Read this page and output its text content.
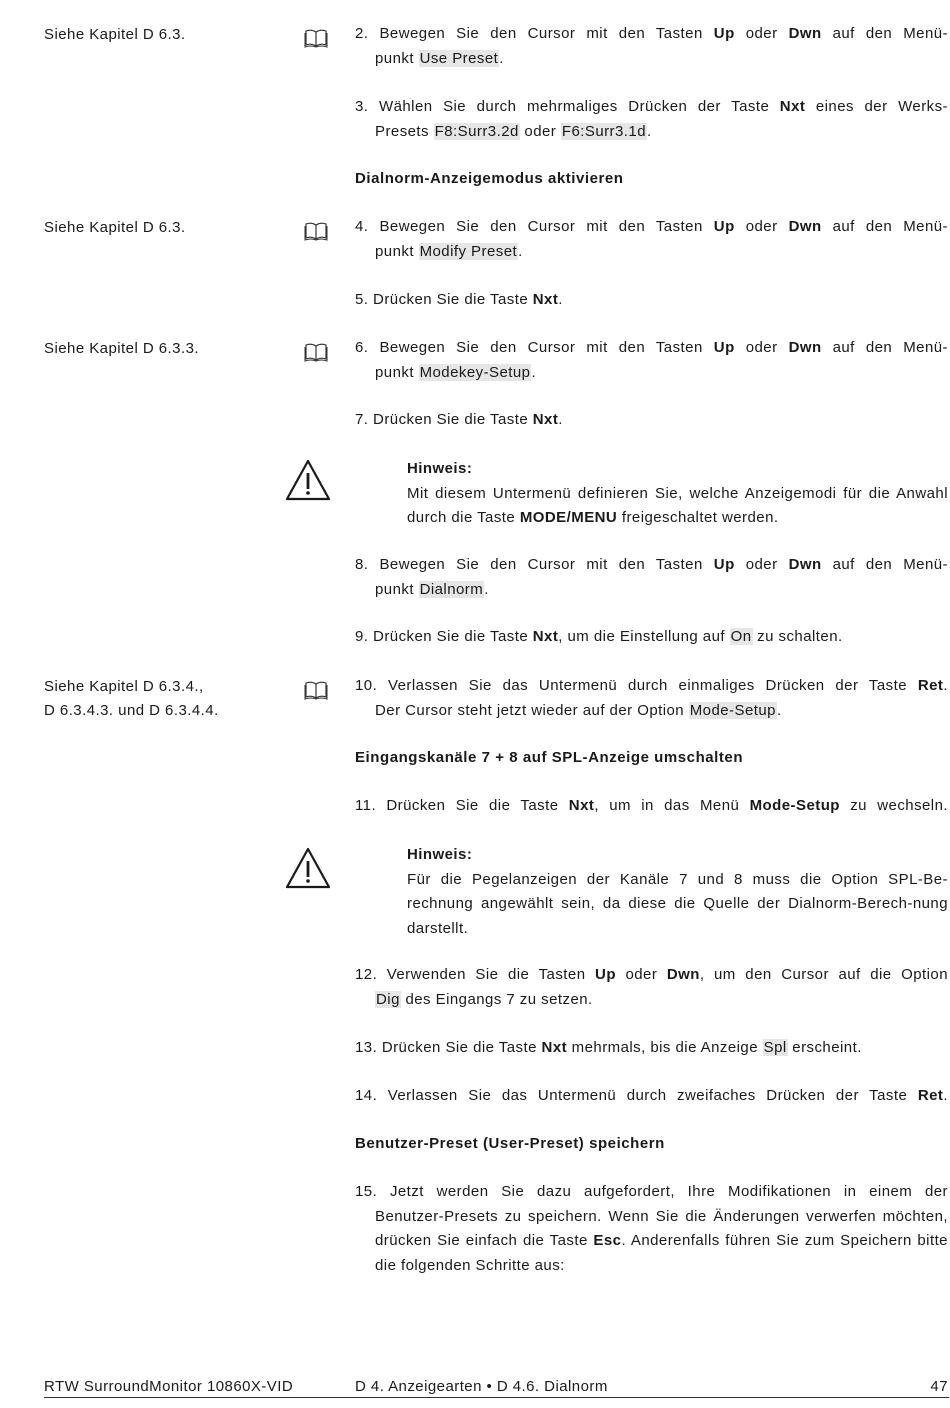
Siehe Kapitel D 6.3.
Siehe Kapitel D 6.3.
Siehe Kapitel D 6.3.3.
Siehe Kapitel D 6.3.4.,
D 6.3.4.3. und D 6.3.4.4.
2. Bewegen Sie den Cursor mit den Tasten Up oder Dwn auf den Menü-
punkt Use Preset.
3. Wählen Sie durch mehrmaliges Drücken der Taste Nxt eines der Werks-
Presets F8:Surr3.2d oder F6:Surr3.1d.
Dialnorm-Anzeigemodus aktivieren
4. Bewegen Sie den Cursor mit den Tasten Up oder Dwn auf den Menü-
punkt Modify Preset.
5. Drücken Sie die Taste Nxt.
6. Bewegen Sie den Cursor mit den Tasten Up oder Dwn auf den Menü-
punkt Modekey-Setup.
7. Drücken Sie die Taste Nxt.
Hinweis:
Mit diesem Untermenü definieren Sie, welche Anzeigemodi für die Anwahl durch die Taste MODE/MENU freigeschaltet werden.
8. Bewegen Sie den Cursor mit den Tasten Up oder Dwn auf den Menü-
punkt Dialnorm.
9. Drücken Sie die Taste Nxt, um die Einstellung auf On zu schalten.
10. Verlassen Sie das Untermenü durch einmaliges Drücken der Taste Ret.
Der Cursor steht jetzt wieder auf der Option Mode-Setup.
Eingangskanäle 7 + 8 auf SPL-Anzeige umschalten
11. Drücken Sie die Taste Nxt, um in das Menü Mode-Setup zu wechseln.
Hinweis:
Für die Pegelanzeigen der Kanäle 7 und 8 muss die Option SPL-Be-rechnung angewählt sein, da diese die Quelle der Dialnorm-Berech-nung darstellt.
12. Verwenden Sie die Tasten Up oder Dwn, um den Cursor auf die Option
Dig des Eingangs 7 zu setzen.
13. Drücken Sie die Taste Nxt mehrmals, bis die Anzeige Spl erscheint.
14. Verlassen Sie das Untermenü durch zweifaches Drücken der Taste Ret.
Benutzer-Preset (User-Preset) speichern
15. Jetzt werden Sie dazu aufgefordert, Ihre Modifikationen in einem der
Benutzer-Presets zu speichern. Wenn Sie die Änderungen verwerfen möchten, drücken Sie einfach die Taste Esc. Anderenfalls führen Sie zum Speichern bitte die folgenden Schritte aus:
RTW SurroundMonitor 10860X-VID	D 4. Anzeigearten • D 4.6. Dialnorm	47
